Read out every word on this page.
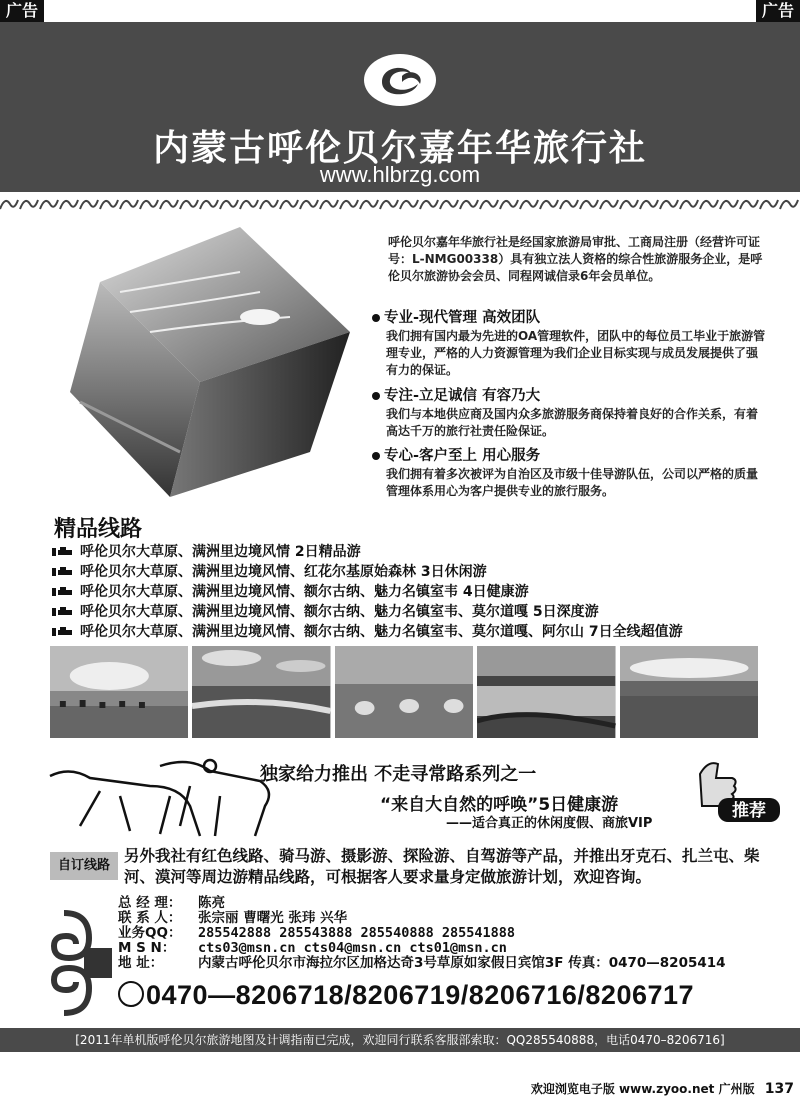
广告	广告
内蒙古呼伦贝尔嘉年华旅行社
www.hlbrzg.com
呼伦贝尔嘉年华旅行社是经国家旅游局审批、工商局注册（经营许可证号：L-NMG00338）具有独立法人资格的综合性旅游服务企业，是呼伦贝尔旅游协会会员、同程网诚信录6年会员单位。
专业-现代管理 高效团队

我们拥有国内最为先进的OA管理软件，团队中的每位员工毕业于旅游管理专业，严格的人力资源管理为我们企业目标实现与成员发展提供了强有力的保证。

专注-立足诚信 有容乃大

我们与本地供应商及国内众多旅游服务商保持着良好的合作关系，有着高达千万的旅行社责任险保证。

专心-客户至上 用心服务

我们拥有着多次被评为自治区及市级十佳导游队伍，公司以严格的质量管理体系用心为客户提供专业的旅行服务。

精品线路
呼伦贝尔大草原、满洲里边境风情 2日精品游
呼伦贝尔大草原、满洲里边境风情、红花尔基原始森林 3日休闲游
呼伦贝尔大草原、满洲里边境风情、额尔古纳、魅力名镇室韦 4日健康游
呼伦贝尔大草原、满洲里边境风情、额尔古纳、魅力名镇室韦、莫尔道嘎 5日深度游
呼伦贝尔大草原、满洲里边境风情、额尔古纳、魅力名镇室韦、莫尔道嘎、阿尔山 7日全线超值游
独家给力推出 不走寻常路系列之一
“来自大自然的呼唤”5日健康游
——适合真正的休闲度假、商旅VIP
推荐
自订线路
另外我社有红色线路、骑马游、摄影游、探险游、自驾游等产品，并推出牙克石、扎兰屯、柴河、漠河等周边游精品线路，可根据客人要求量身定做旅游计划，欢迎咨询。
总 经 理： 陈亮
联 系 人： 张宗丽 曹曙光 张玮 兴华
业务QQ： 285542888 285543888 285540888 285541888
M S N： cts03@msn.cn cts04@msn.cn cts01@msn.cn
地 址：	内蒙古呼伦贝尔市海拉尔区加格达奇3号草原如家假日宾馆3F 传真：0470—8205414
0470—8206718/8206719/8206716/8206717
[2011年单机版呼伦贝尔旅游地图及计调指南已完成，欢迎同行联系客服部索取：QQ285540888，电话0470–8206716]
欢迎浏览电子版 www.zyoo.net 广州版 137
